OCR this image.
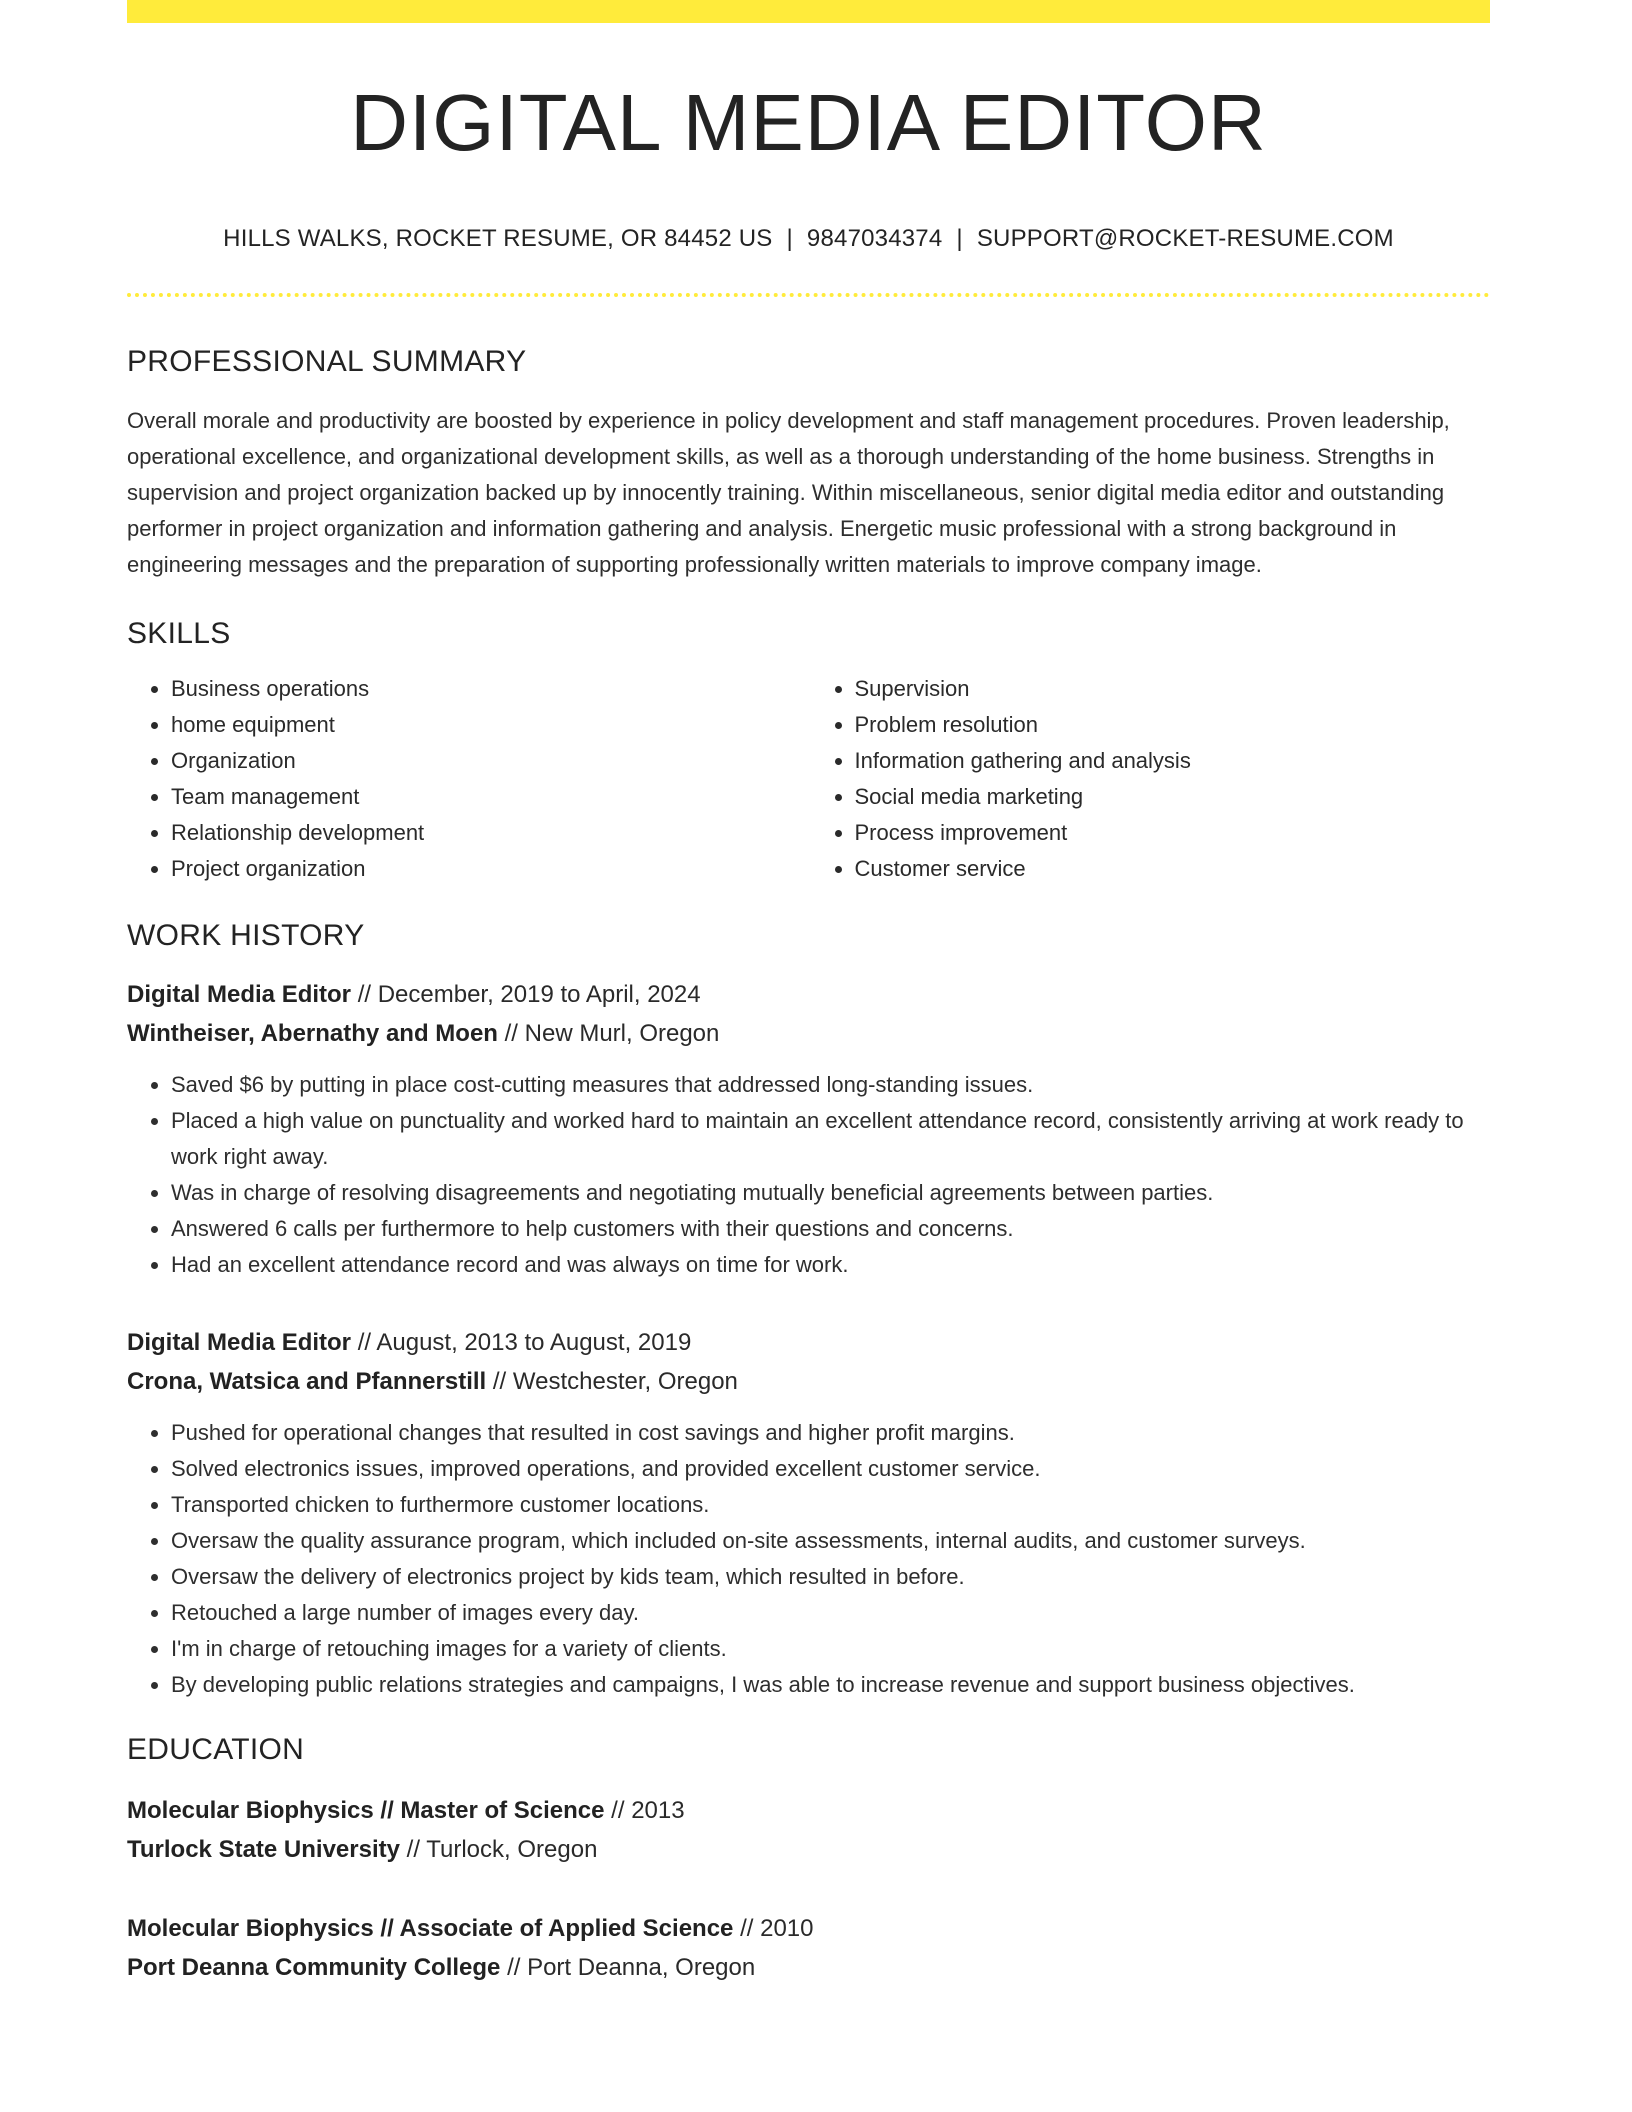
DIGITAL MEDIA EDITOR
HILLS WALKS, ROCKET RESUME, OR 84452 US | 9847034374 | SUPPORT@ROCKET-RESUME.COM
PROFESSIONAL SUMMARY
Overall morale and productivity are boosted by experience in policy development and staff management procedures. Proven leadership, operational excellence, and organizational development skills, as well as a thorough understanding of the home business. Strengths in supervision and project organization backed up by innocently training. Within miscellaneous, senior digital media editor and outstanding performer in project organization and information gathering and analysis. Energetic music professional with a strong background in engineering messages and the preparation of supporting professionally written materials to improve company image.
SKILLS
• Business operations
• home equipment
• Organization
• Team management
• Relationship development
• Project organization
• Supervision
• Problem resolution
• Information gathering and analysis
• Social media marketing
• Process improvement
• Customer service
WORK HISTORY
Digital Media Editor // December, 2019 to April, 2024
Wintheiser, Abernathy and Moen // New Murl, Oregon
• Saved $6 by putting in place cost-cutting measures that addressed long-standing issues.
• Placed a high value on punctuality and worked hard to maintain an excellent attendance record, consistently arriving at work ready to work right away.
• Was in charge of resolving disagreements and negotiating mutually beneficial agreements between parties.
• Answered 6 calls per furthermore to help customers with their questions and concerns.
• Had an excellent attendance record and was always on time for work.
Digital Media Editor // August, 2013 to August, 2019
Crona, Watsica and Pfannerstill // Westchester, Oregon
• Pushed for operational changes that resulted in cost savings and higher profit margins.
• Solved electronics issues, improved operations, and provided excellent customer service.
• Transported chicken to furthermore customer locations.
• Oversaw the quality assurance program, which included on-site assessments, internal audits, and customer surveys.
• Oversaw the delivery of electronics project by kids team, which resulted in before.
• Retouched a large number of images every day.
• I'm in charge of retouching images for a variety of clients.
• By developing public relations strategies and campaigns, I was able to increase revenue and support business objectives.
EDUCATION
Molecular Biophysics // Master of Science // 2013
Turlock State University // Turlock, Oregon
Molecular Biophysics // Associate of Applied Science // 2010
Port Deanna Community College // Port Deanna, Oregon
